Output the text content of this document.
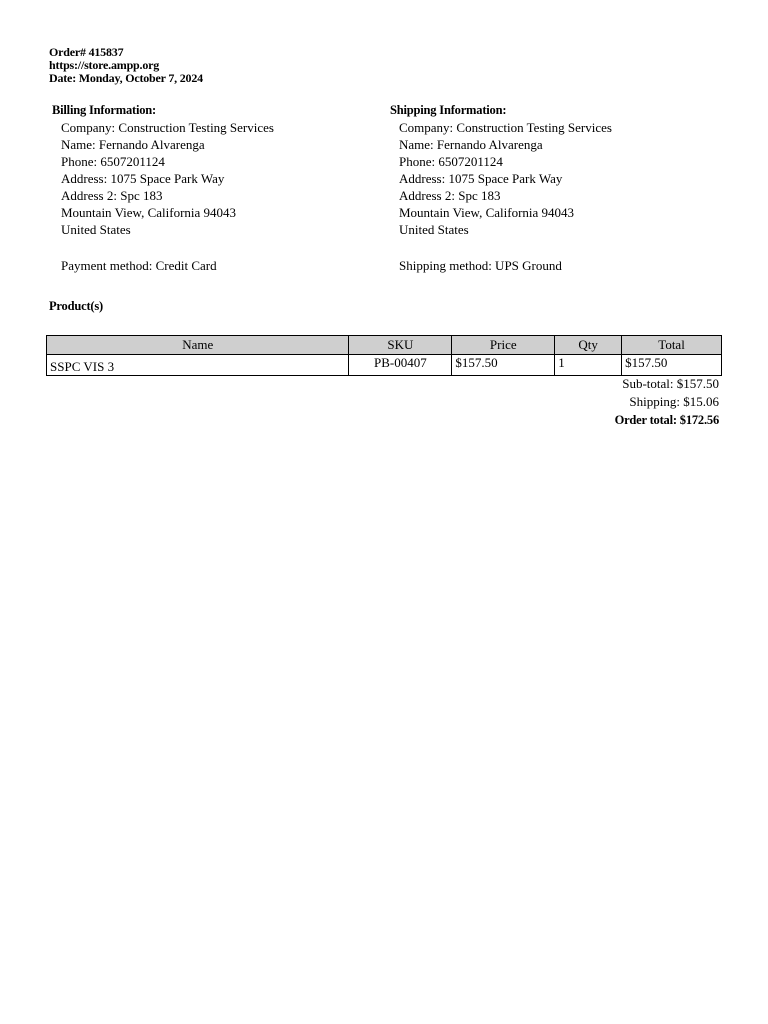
Order# 415837
https://store.ampp.org
Date: Monday, October 7, 2024
Billing Information:
Company: Construction Testing Services
Name: Fernando Alvarenga
Phone: 6507201124
Address: 1075 Space Park Way
Address 2: Spc 183
Mountain View, California 94043
United States
Payment method: Credit Card
Shipping Information:
Company: Construction Testing Services
Name: Fernando Alvarenga
Phone: 6507201124
Address: 1075 Space Park Way
Address 2: Spc 183
Mountain View, California 94043
United States
Shipping method: UPS Ground
Product(s)
Name	SKU	Price	Qty	Total
SSPC VIS 3	PB-00407	$157.50	1	$157.50
Sub-total: $157.50
Shipping: $15.06
Order total: $172.56
